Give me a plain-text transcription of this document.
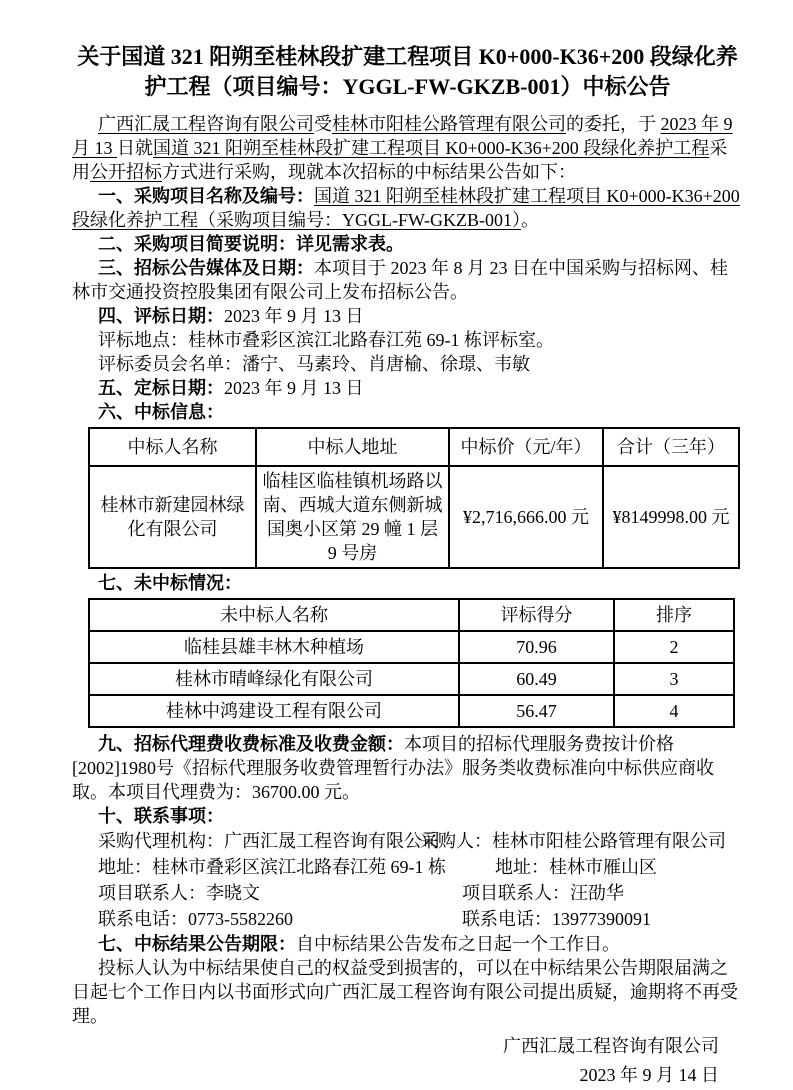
关于国道 321 阳朔至桂林段扩建工程项目 K0+000-K36+200 段绿化养护工程（项目编号：YGGL-FW-GKZB-001）中标公告

广西汇晟工程咨询有限公司受桂林市阳桂公路管理有限公司的委托，于 2023 年 9 月 13 日就国道 321 阳朔至桂林段扩建工程项目 K0+000-K36+200 段绿化养护工程采用公开招标方式进行采购，现就本次招标的中标结果公告如下：

一、采购项目名称及编号：国道 321 阳朔至桂林段扩建工程项目 K0+000-K36+200 段绿化养护工程（采购项目编号：YGGL-FW-GKZB-001）。

二、采购项目简要说明：详见需求表。

三、招标公告媒体及日期：本项目于 2023 年 8 月 23 日在中国采购与招标网、桂林市交通投资控股集团有限公司上发布招标公告。

四、评标日期：2023 年 9 月 13 日

评标地点：桂林市叠彩区滨江北路春江苑 69-1 栋评标室。

评标委员会名单：潘宁、马素玲、肖唐榆、徐璟、韦敏

五、定标日期：2023 年 9 月 13 日

六、中标信息：

中标人名称	中标人地址	中标价（元/年）	合计（三年）
桂林市新建园林绿化有限公司	临桂区临桂镇机场路以南、西城大道东侧新城国奥小区第 29 幢 1 层 9 号房	¥2,716,666.00 元	¥8149998.00 元

七、未中标情况：

未中标人名称	评标得分	排序
临桂县雄丰林木种植场	70.96	2
桂林市晴峰绿化有限公司	60.49	3
桂林中鸿建设工程有限公司	56.47	4

九、招标代理费收费标准及收费金额：本项目的招标代理服务费按计价格[2002]1980号《招标代理服务收费管理暂行办法》服务类收费标准向中标供应商收取。本项目代理费为：36700.00 元。

十、联系事项：

采购代理机构：广西汇晟工程咨询有限公司
采购人：桂林市阳桂公路管理有限公司

地址：桂林市叠彩区滨江北路春江苑 69-1 栋	地址：桂林市雁山区

项目联系人：李晓文	项目联系人：汪劭华

联系电话：0773-5582260	联系电话：13977390091

七、中标结果公告期限：自中标结果公告发布之日起一个工作日。

投标人认为中标结果使自己的权益受到损害的，可以在中标结果公告期限届满之日起七个工作日内以书面形式向广西汇晟工程咨询有限公司提出质疑，逾期将不再受理。

广西汇晟工程咨询有限公司
2023 年 9 月 14 日
